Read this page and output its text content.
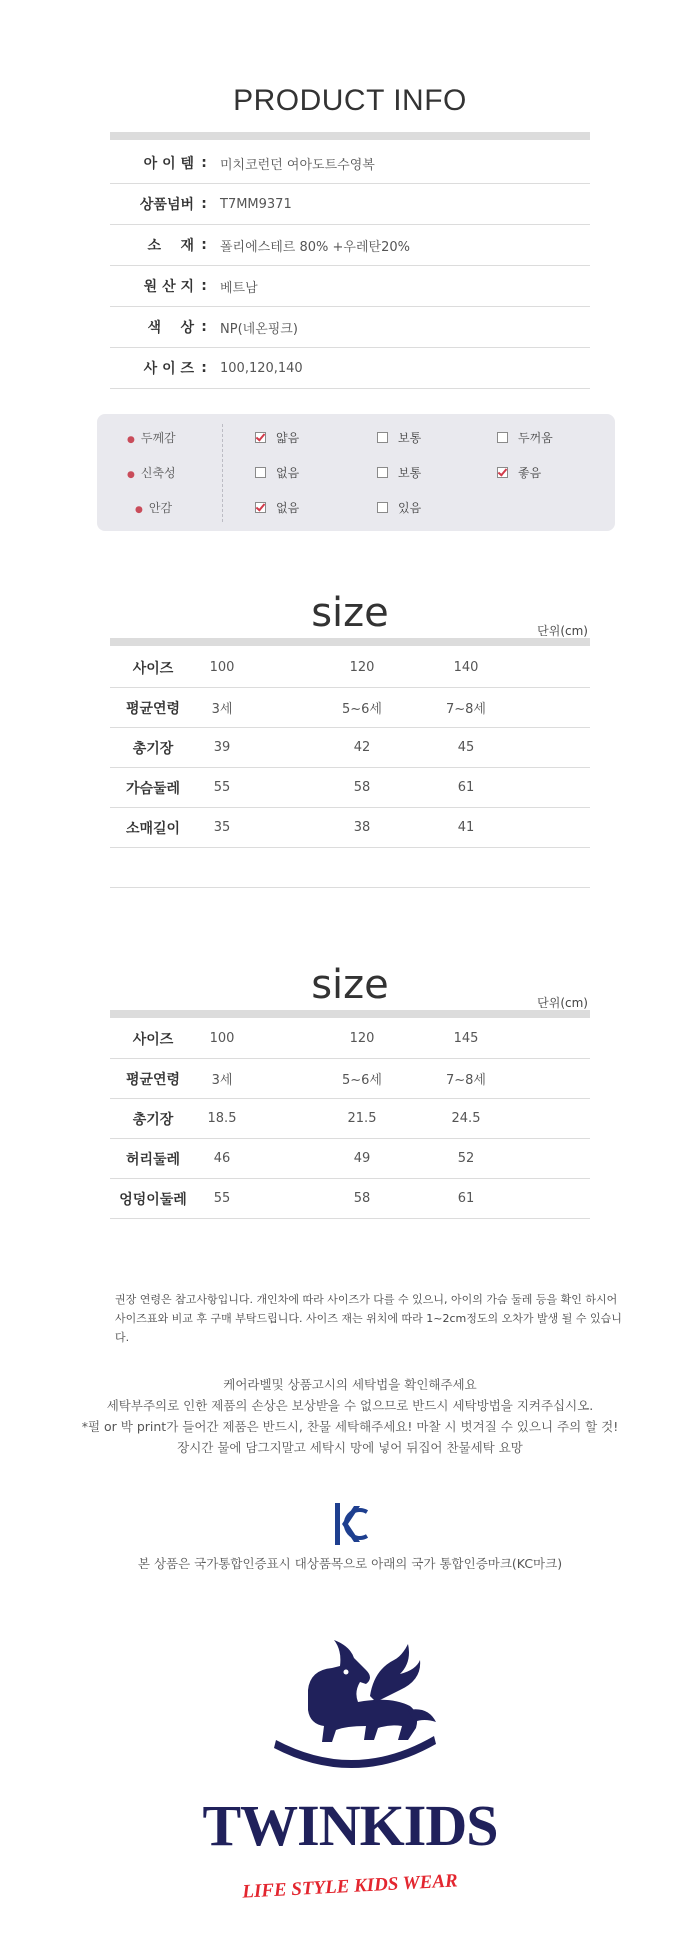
PRODUCT INFO
아 이 템 :	미치코런던 여아도트수영복
상품넘버 :	T7MM9371
소    재 :	폴리에스테르 80% +우레탄20%
원 산 지 :	베트남
색    상 :	NP(네온핑크)
사 이 즈 :	100,120,140
● 두께감	얇음	보통	두꺼움
● 신축성	없음	보통	좋음
● 안감	없음	있음
size	단위(cm)
사이즈	100	120	140
평균연령	3세	5~6세	7~8세
총기장	39	42	45
가슴둘레	55	58	61
소매길이	35	38	41
size	단위(cm)
사이즈	100	120	145
평균연령	3세	5~6세	7~8세
총기장	18.5	21.5	24.5
허리둘레	46	49	52
엉덩이둘레	55	58	61
권장 연령은 참고사항입니다. 개인차에 따라 사이즈가 다를 수 있으니, 아이의 가슴 둘레 등을 확인 하시어
사이즈표와 비교 후 구매 부탁드립니다. 사이즈 재는 위치에 따라 1~2cm정도의 오차가 발생 될 수 있습니다.
케어라벨및 상품고시의 세탁법을 확인해주세요
세탁부주의로 인한 제품의 손상은 보상받을 수 없으므로 반드시 세탁방법을 지켜주십시오.
*펄 or 박 print가 들어간 제품은 반드시, 찬물 세탁해주세요! 마찰 시 벗겨질 수 있으니 주의 할 것!
장시간 물에 담그지말고 세탁시 망에 넣어 뒤집어 찬물세탁 요망
본 상품은 국가통합인증표시 대상품목으로 아래의 국가 통합인증마크(KC마크)
TWINKIDS
LIFE STYLE KIDS WEAR
